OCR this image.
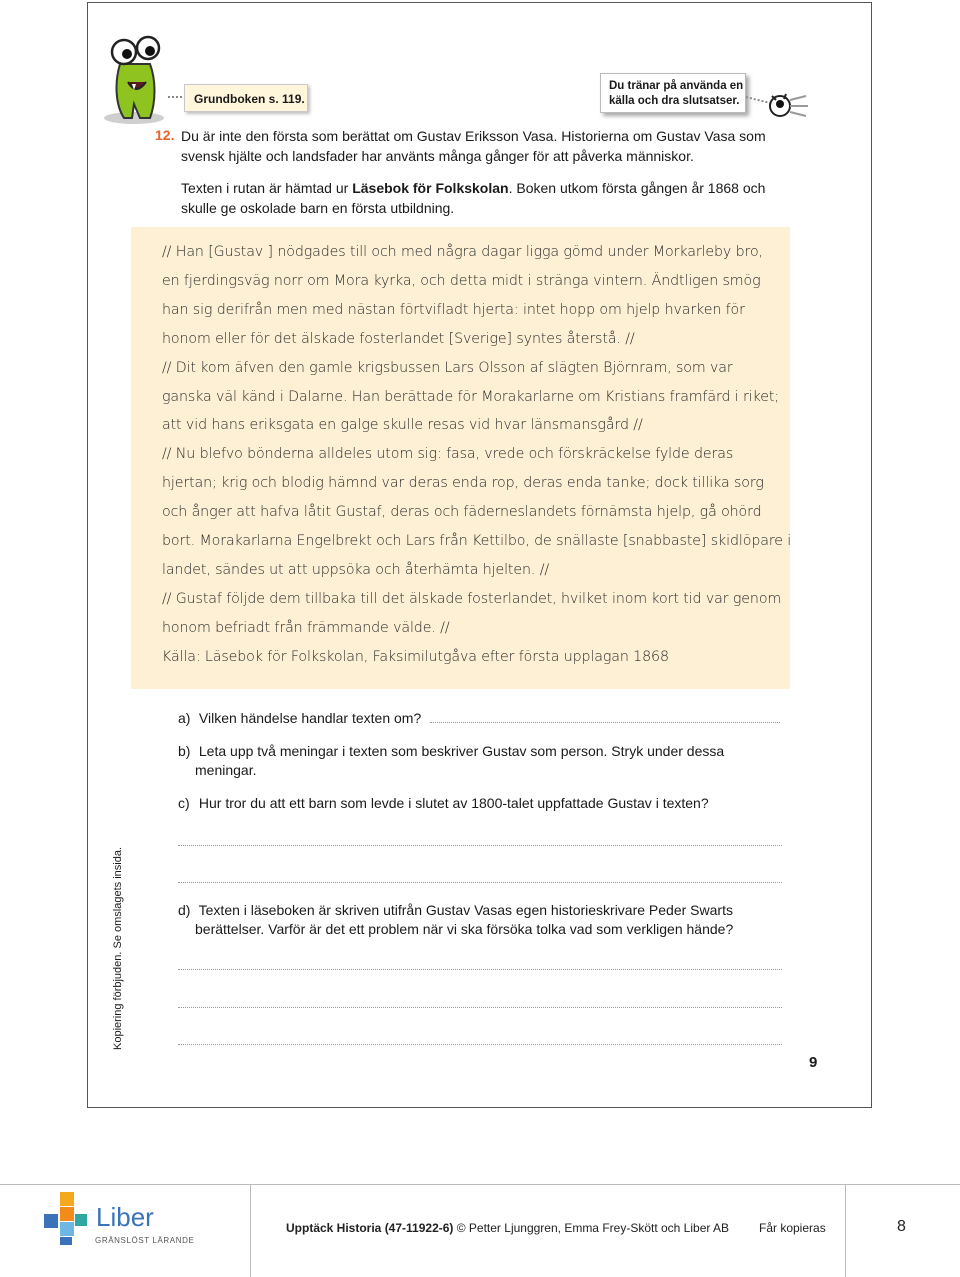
Grundboken s. 119.
Du tränar på använda en
källa och dra slutsatser.
12. Du är inte den första som berättat om Gustav Eriksson Vasa. Historierna om Gustav Vasa som

svensk hjälte och landsfader har använts många gånger för att påverka människor.

Texten i rutan är hämtad ur Läsebok för Folkskolan. Boken utkom första gången år 1868 och

skulle ge oskolade barn en första utbildning.

// Han [Gustav ] nödgades till och med några dagar ligga gömd under Morkarleby bro,
en fjerdingsväg norr om Mora kyrka, och detta midt i stränga vintern. Ändtligen smög
han sig derifrån men med nästan förtvifladt hjerta: intet hopp om hjelp hvarken för
honom eller för det älskade fosterlandet [Sverige] syntes återstå. //
// Dit kom äfven den gamle krigsbussen Lars Olsson af slägten Björnram, som var
ganska väl känd i Dalarne. Han berättade för Morakarlarne om Kristians framfärd i riket;
att vid hans eriksgata en galge skulle resas vid hvar länsmansgård //
// Nu blefvo bönderna alldeles utom sig: fasa, vrede och förskräckelse fylde deras
hjertan; krig och blodig hämnd var deras enda rop, deras enda tanke; dock tillika sorg
och ånger att hafva låtit Gustaf, deras och fäderneslandets förnämsta hjelp, gå ohörd
bort. Morakarlarna Engelbrekt och Lars från Kettilbo, de snällaste [snabbaste] skidlöpare i
landet, sändes ut att uppsöka och återhämta hjelten. //
// Gustaf följde dem tillbaka till det älskade fosterlandet, hvilket inom kort tid var genom
honom befriadt från främmande välde. //
Källa: Läsebok för Folkskolan, Faksimilutgåva efter första upplagan 1868
a) Vilken händelse handlar texten om?
b) Leta upp två meningar i texten som beskriver Gustav som person. Stryk under dessa
meningar.
c) Hur tror du att ett barn som levde i slutet av 1800-talet uppfattade Gustav i texten?
d) Texten i läseboken är skriven utifrån Gustav Vasas egen historieskrivare Peder Swarts
berättelser. Varför är det ett problem när vi ska försöka tolka vad som verkligen hände?
Kopiering förbjuden. Se omslagets insida.
9
Liber
GRÄNSLÖST LÄRANDE
Upptäck Historia (47-11922-6) © Petter Ljunggren, Emma Frey-Skött och Liber AB Får kopieras	8
